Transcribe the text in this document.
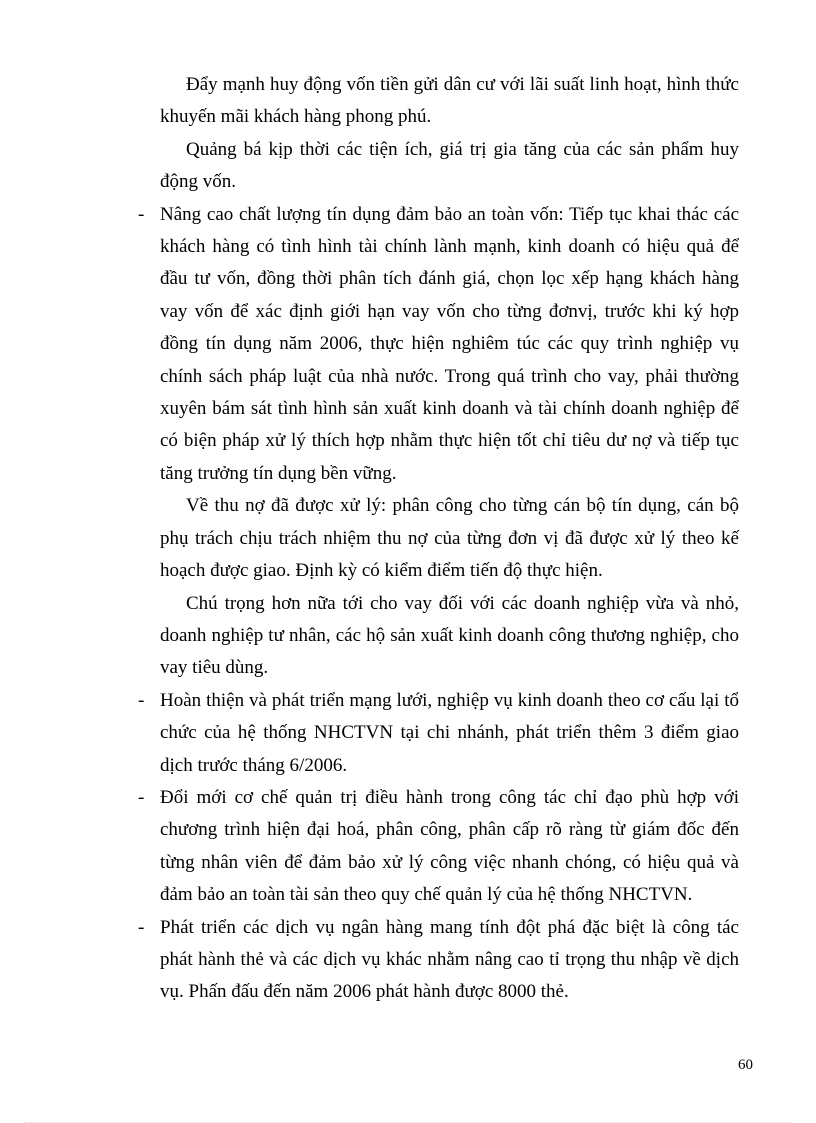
Đẩy mạnh huy động vốn tiền gửi dân cư với lãi suất linh hoạt, hình thức khuyến mãi khách hàng phong phú.

Quảng bá kịp thời các tiện ích, giá trị gia tăng của các sản phẩm huy động vốn.

- Nâng cao chất lượng tín dụng đảm bảo an toàn vốn: Tiếp tục khai thác các khách hàng có tình hình tài chính lành mạnh, kinh doanh có hiệu quả để đầu tư vốn, đồng thời phân tích đánh giá, chọn lọc xếp hạng khách hàng vay vốn để xác định giới hạn vay vốn cho từng đơnvị, trước khi ký hợp đồng tín dụng năm 2006, thực hiện nghiêm túc các quy trình nghiệp vụ chính sách pháp luật của nhà nước. Trong quá trình cho vay, phải thường xuyên bám sát tình hình sản xuất kinh doanh và tài chính doanh nghiệp để có biện pháp xử lý thích hợp nhằm thực hiện tốt chỉ tiêu dư nợ và tiếp tục tăng trưởng tín dụng bền vững.

Về thu nợ đã được xử lý: phân công cho từng cán bộ tín dụng, cán bộ phụ trách chịu trách nhiệm thu nợ của từng đơn vị đã được xử lý theo kế hoạch được giao. Định kỳ có kiểm điểm tiến độ thực hiện.

Chú trọng hơn nữa tới cho vay đối với các doanh nghiệp vừa và nhỏ, doanh nghiệp tư nhân, các hộ sản xuất kinh doanh công thương nghiệp, cho vay tiêu dùng.

- Hoàn thiện và phát triển mạng lưới, nghiệp vụ kinh doanh theo cơ cấu lại tổ chức của hệ thống NHCTVN tại chi nhánh, phát triển thêm 3 điểm giao dịch trước tháng 6/2006.

- Đổi mới cơ chế quản trị điều hành trong công tác chỉ đạo phù hợp với chương trình hiện đại hoá, phân công, phân cấp rõ ràng từ giám đốc đến từng nhân viên để đảm bảo xử lý công việc nhanh chóng, có hiệu quả và đảm bảo an toàn tài sản theo quy chế quản lý của hệ thống NHCTVN.

- Phát triển các dịch vụ ngân hàng mang tính đột phá đặc biệt là công tác phát hành thẻ và các dịch vụ khác nhằm nâng cao tỉ trọng thu nhập về dịch vụ. Phấn đấu đến năm 2006 phát hành được 8000 thẻ.

60
